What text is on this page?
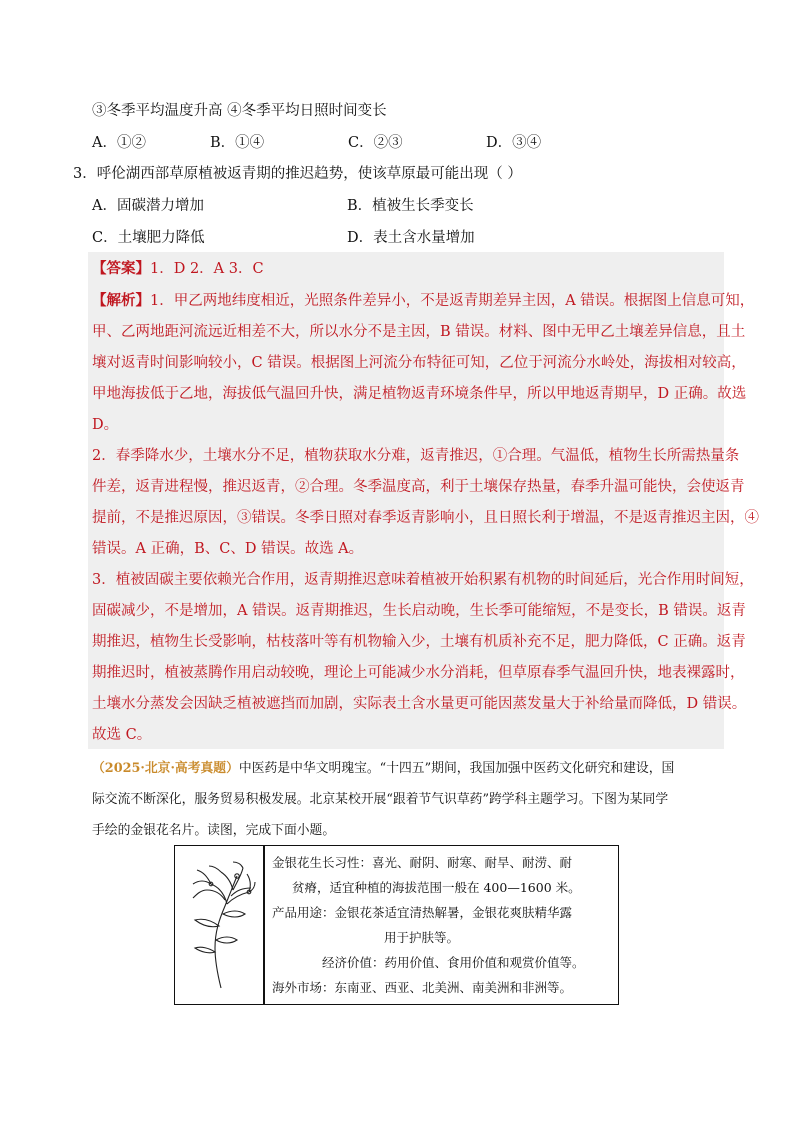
③冬季平均温度升高 ④冬季平均日照时间变长
A．①②	B．①④	C．②③	D．③④
3．呼伦湖西部草原植被返青期的推迟趋势，使该草原最可能出现（ ）
A．固碳潜力增加	B．植被生长季变长
C．土壤肥力降低	D．表土含水量增加
【答案】1．D 2．A 3．C
【解析】1．甲乙两地纬度相近，光照条件差异小，不是返青期差异主因，A 错误。根据图上信息可知，
甲、乙两地距河流远近相差不大，所以水分不是主因，B 错误。材料、图中无甲乙土壤差异信息，且土
壤对返青时间影响较小，C 错误。根据图上河流分布特征可知，乙位于河流分水岭处，海拔相对较高，
甲地海拔低于乙地，海拔低气温回升快，满足植物返青环境条件早，所以甲地返青期早，D 正确。故选
D。
2．春季降水少，土壤水分不足，植物获取水分难，返青推迟，①合理。气温低，植物生长所需热量条
件差，返青进程慢，推迟返青，②合理。冬季温度高，利于土壤保存热量，春季升温可能快，会使返青
提前，不是推迟原因，③错误。冬季日照对春季返青影响小，且日照长利于增温，不是返青推迟主因，④
错误。A 正确，B、C、D 错误。故选 A。
3．植被固碳主要依赖光合作用，返青期推迟意味着植被开始积累有机物的时间延后，光合作用时间短，
固碳减少，不是增加，A 错误。返青期推迟，生长启动晚，生长季可能缩短，不是变长，B 错误。返青
期推迟，植物生长受影响，枯枝落叶等有机物输入少，土壤有机质补充不足，肥力降低，C 正确。返青
期推迟时，植被蒸腾作用启动较晚，理论上可能减少水分消耗，但草原春季气温回升快，地表裸露时，
土壤水分蒸发会因缺乏植被遮挡而加剧，实际表土含水量更可能因蒸发量大于补给量而降低，D 错误。
故选 C。
（2025·北京·高考真题）中医药是中华文明瑰宝。“十四五”期间，我国加强中医药文化研究和建设，国
际交流不断深化，服务贸易积极发展。北京某校开展“跟着节气识草药”跨学科主题学习。下图为某同学
手绘的金银花名片。读图，完成下面小题。
金银花生长习性：喜光、耐阴、耐寒、耐旱、耐涝、耐
贫瘠，适宜种植的海拔范围一般在 400—1600 米。
产品用途：金银花茶适宜清热解暑，金银花爽肤精华露
用于护肤等。
经济价值：药用价值、食用价值和观赏价值等。
海外市场：东南亚、西亚、北美洲、南美洲和非洲等。
